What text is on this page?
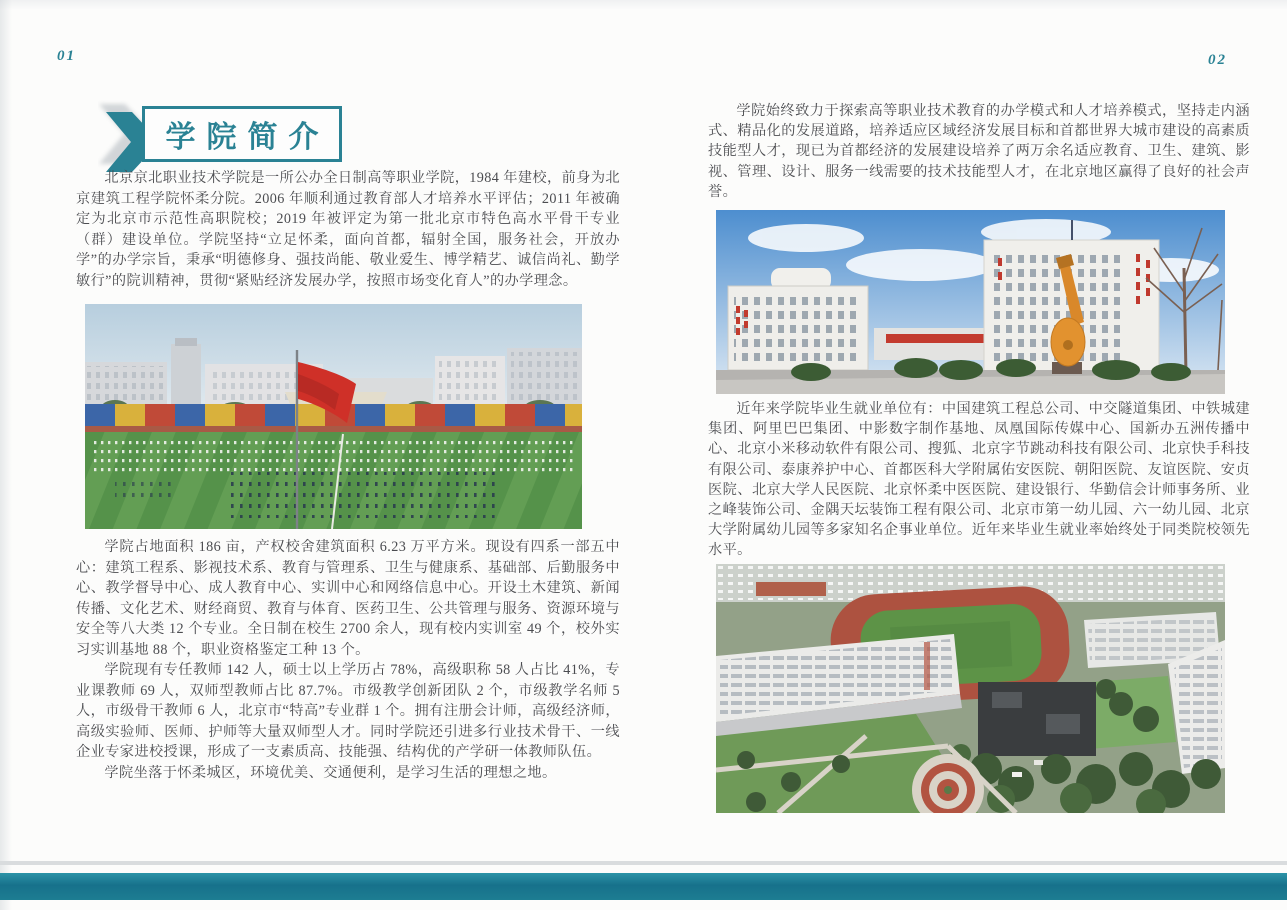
01
学院简介

北京京北职业技术学院是一所公办全日制高等职业学院，1984 年建校，前身为北京建筑工程学院怀柔分院。2006 年顺利通过教育部人才培养水平评估；2011 年被确定为北京市示范性高职院校；2019 年被评定为第一批北京市特色高水平骨干专业（群）建设单位。学院坚持“立足怀柔，面向首都，辐射全国，服务社会，开放办学”的办学宗旨，秉承“明德修身、强技尚能、敬业爱生、博学精艺、诚信尚礼、勤学敏行”的院训精神，贯彻“紧贴经济发展办学，按照市场变化育人”的办学理念。

学院占地面积 186 亩，产权校舍建筑面积 6.23 万平方米。现设有四系一部五中心：建筑工程系、影视技术系、教育与管理系、卫生与健康系、基础部、后勤服务中心、教学督导中心、成人教育中心、实训中心和网络信息中心。开设土木建筑、新闻传播、文化艺术、财经商贸、教育与体育、医药卫生、公共管理与服务、资源环境与安全等八大类 12 个专业。全日制在校生 2700 余人，现有校内实训室 49 个，校外实习实训基地 88 个，职业资格鉴定工种 13 个。

学院现有专任教师 142 人，硕士以上学历占 78%，高级职称 58 人占比 41%，专业课教师 69 人，双师型教师占比 87.7%。市级教学创新团队 2 个，市级教学名师 5 人，市级骨干教师 6 人，北京市“特高”专业群 1 个。拥有注册会计师，高级经济师，高级实验师、医师、护师等大量双师型人才。同时学院还引进多行业技术骨干、一线企业专家进校授课，形成了一支素质高、技能强、结构优的产学研一体教师队伍。

学院坐落于怀柔城区，环境优美、交通便利，是学习生活的理想之地。

02

学院始终致力于探索高等职业技术教育的办学模式和人才培养模式，坚持走内涵式、精品化的发展道路，培养适应区域经济发展目标和首都世界大城市建设的高素质技能型人才，现已为首都经济的发展建设培养了两万余名适应教育、卫生、建筑、影视、管理、设计、服务一线需要的技术技能型人才，在北京地区赢得了良好的社会声誉。

近年来学院毕业生就业单位有：中国建筑工程总公司、中交隧道集团、中铁城建集团、阿里巴巴集团、中影数字制作基地、凤凰国际传媒中心、国新办五洲传播中心、北京小米移动软件有限公司、搜狐、北京字节跳动科技有限公司、北京快手科技有限公司、泰康养护中心、首都医科大学附属佑安医院、朝阳医院、友谊医院、安贞医院、北京大学人民医院、北京怀柔中医医院、建设银行、华勤信会计师事务所、业之峰装饰公司、金隅天坛装饰工程有限公司、北京市第一幼儿园、六一幼儿园、北京大学附属幼儿园等多家知名企事业单位。近年来毕业生就业率始终处于同类院校领先水平。
